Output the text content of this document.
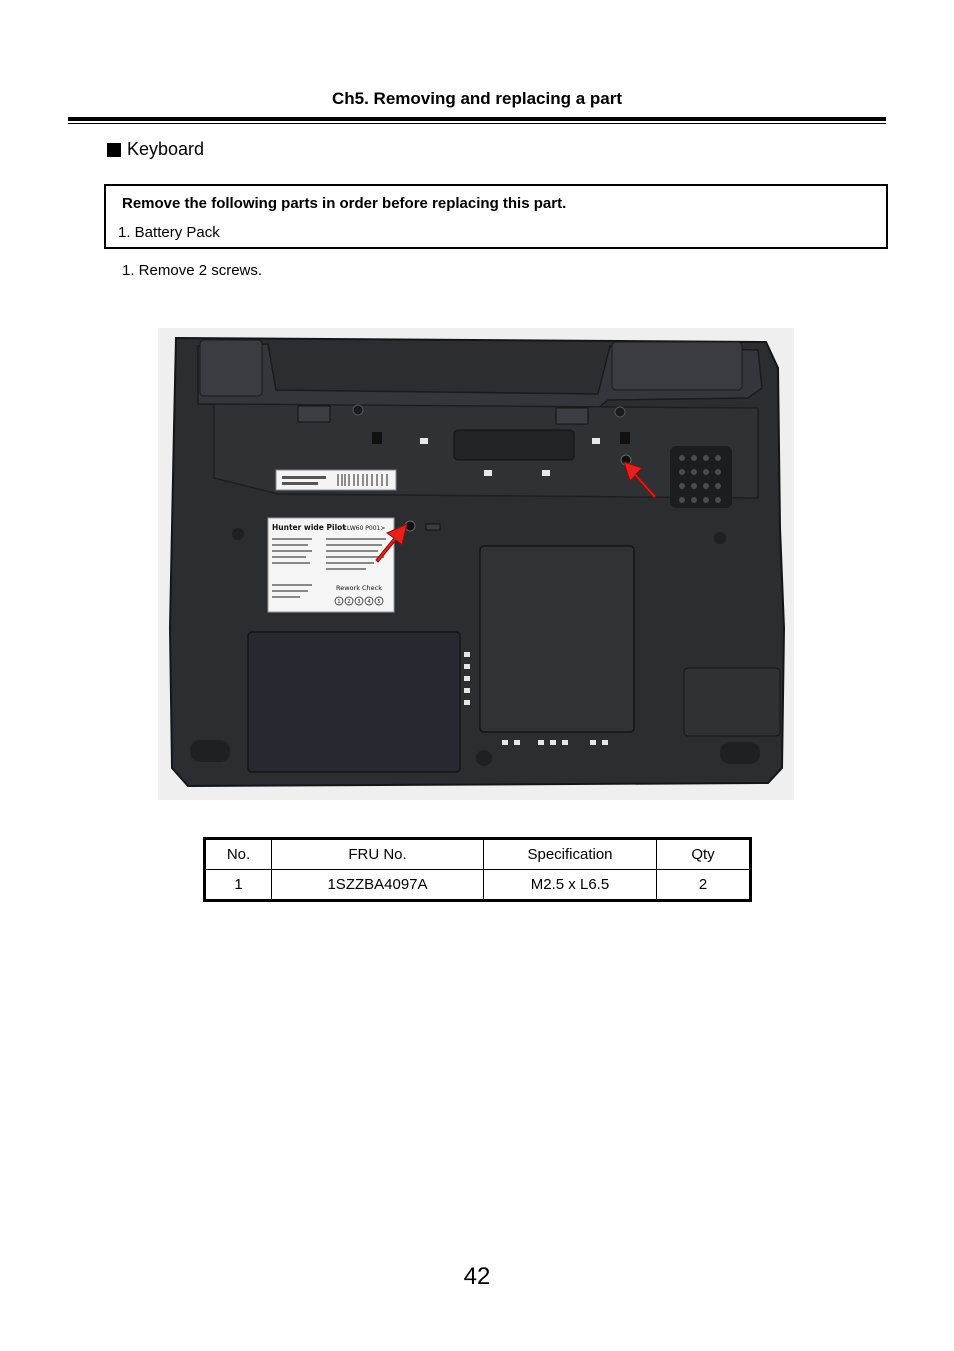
Ch5. Removing and replacing a part
Keyboard
Remove the following parts in order before replacing this part.
1. Battery Pack
1. Remove 2 screws.
Hunter wide Pilot
<LW60 P001>
Rework Check
1 2 3 4 5
No.	FRU No.	Specification	Qty
1	1SZZBA4097A	M2.5 x L6.5	2
42
